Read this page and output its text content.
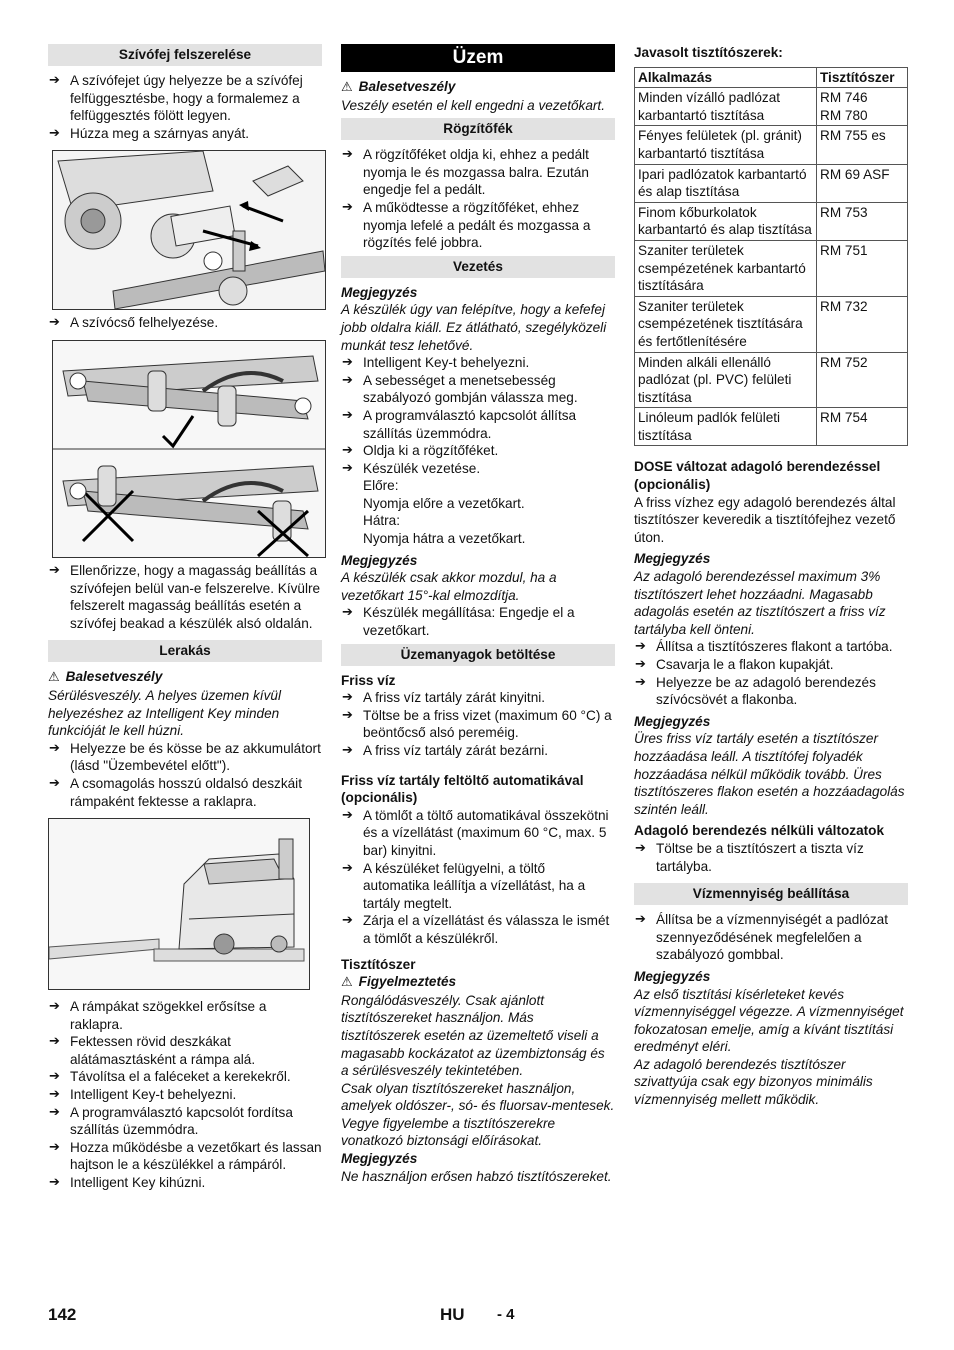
Szívófej felszerelése
➔ A szívófejet úgy helyezze be a szívófej felfüggesztésbe, hogy a formalemez a felfüggesztés fölött legyen.
➔ Húzza meg a szárnyas anyát.
➔ A szívócső felhelyezése.
➔ Ellenőrizze, hogy a magasság beállítás a szívófejen belül van-e felszerelve. Kívülre felszerelt magasság beállítás esetén a szívófej beakad a készülék alsó oldalán.
Lerakás
⚠ Balesetveszély
Sérülésveszély. A helyes üzemen kívül helyezéshez az Intelligent Key minden funkcióját le kell húzni.
➔ Helyezze be és kösse be az akkumulátort (lásd "Üzembevétel előtt").
➔ A csomagolás hosszú oldalsó deszkáit rámpaként fektesse a raklapra.
➔ A rámpákat szögekkel erősítse a raklapra.
➔ Fektessen rövid deszkákat alátámasztásként a rámpa alá.
➔ Távolítsa el a faléceket a kerekekről.
➔ Intelligent Key-t behelyezni.
➔ A programválasztó kapcsolót fordítsa szállítás üzemmódra.
➔ Hozza működésbe a vezetőkart és lassan hajtson le a készülékkel a rámpáról.
➔ Intelligent Key kihúzni.
Üzem
⚠ Balesetveszély
Veszély esetén el kell engedni a vezetőkart.
Rögzítőfék
➔ A rögzítőféket oldja ki, ehhez a pedált nyomja le és mozgassa balra. Ezután engedje fel a pedált.
➔ A működtesse a rögzítőféket, ehhez nyomja lefelé a pedált és mozgassa a rögzítés felé jobbra.
Vezetés
Megjegyzés
A készülék úgy van felépítve, hogy a kefefej jobb oldalra kiáll. Ez átlátható, szegélyközeli munkát tesz lehetővé.
➔ Intelligent Key-t behelyezni.
➔ A sebességet a menetsebesség szabályozó gombján válassza meg.
➔ A programválasztó kapcsolót állítsa szállítás üzemmódra.
➔ Oldja ki a rögzítőféket.
➔ Készülék vezetése.
Előre:
Nyomja előre a vezetőkart.
Hátra:
Nyomja hátra a vezetőkart.
Megjegyzés
A készülék csak akkor mozdul, ha a vezetőkart 15°-kal elmozdítja.
➔ Készülék megállítása: Engedje el a vezetőkart.
Üzemanyagok betöltése
Friss víz
➔ A friss víz tartály zárát kinyitni.
➔ Töltse be a friss vizet (maximum 60 °C) a beöntőcső alsó pereméig.
➔ A friss víz tartály zárát bezárni.
Friss víz tartály feltöltő automatikával (opcionális)
➔ A tömlőt a töltő automatikával összekötni és a vízellátást (maximum 60 °C, max. 5 bar) kinyitni.
➔ A készüléket felügyelni, a töltő automatika leállítja a vízellátást, ha a tartály megtelt.
➔ Zárja el a vízellátást és válassza le ismét a tömlőt a készülékről.
Tisztítószer
⚠ Figyelmeztetés
Rongálódásveszély. Csak ajánlott tisztítószereket használjon. Más tisztítószerek esetén az üzemeltető viseli a magasabb kockázatot az üzembiztonság és a sérülésveszély tekintetében.
Csak olyan tisztítószereket használjon, amelyek oldószer-, só- és fluorsav-mentesek.
Vegye figyelembe a tisztítószerekre vonatkozó biztonsági előírásokat.
Megjegyzés
Ne használjon erősen habzó tisztítószereket.
Javasolt tisztítószerek:
Alkalmazás	Tisztítószer
Minden vízálló padlózat karbantartó tisztítása	RM 746
RM 780
Fényes felületek (pl. gránit) karbantartó tisztítása	RM 755 es
Ipari padlózatok karbantartó és alap tisztítása	RM 69 ASF
Finom kőburkolatok karbantartó és alap tisztítása	RM 753
Szaniter területek csempézetének karbantartó tisztítására	RM 751
Szaniter területek csempézetének tisztítására és fertőtlenítésére	RM 732
Minden alkáli ellenálló padlózat (pl. PVC) felületi tisztítása	RM 752
Linóleum padlók felületi tisztítása	RM 754
DOSE változat adagoló berendezéssel (opcionális)
A friss vízhez egy adagoló berendezés által tisztítószer keveredik a tisztítófejhez vezető úton.
Megjegyzés
Az adagoló berendezéssel maximum 3% tisztítószert lehet hozzáadni. Magasabb adagolás esetén az tisztítószert a friss víz tartályba kell önteni.
➔ Állítsa a tisztítószeres flakont a tartóba.
➔ Csavarja le a flakon kupakját.
➔ Helyezze be az adagoló berendezés szívócsövét a flakonba.
Megjegyzés
Üres friss víz tartály esetén a tisztítószer hozzáadása leáll. A tisztítófej folyadék hozzáadása nélkül működik tovább. Üres tisztítószeres flakon esetén a hozzáadagolás szintén leáll.
Adagoló berendezés nélküli változatok
➔ Töltse be a tisztítószert a tiszta víz tartályba.
Vízmennyiség beállítása
➔ Állítsa be a vízmennyiségét a padlózat szennyeződésének megfelelően a szabályozó gombbal.
Megjegyzés
Az első tisztítási kísérleteket kevés vízmennyiséggel végezze. A vízmennyiséget fokozatosan emelje, amíg a kívánt tisztítási eredményt eléri.
Az adagoló berendezés tisztítószer szivattyúja csak egy bizonyos minimális vízmennyiség mellett működik.
142	HU - 4
